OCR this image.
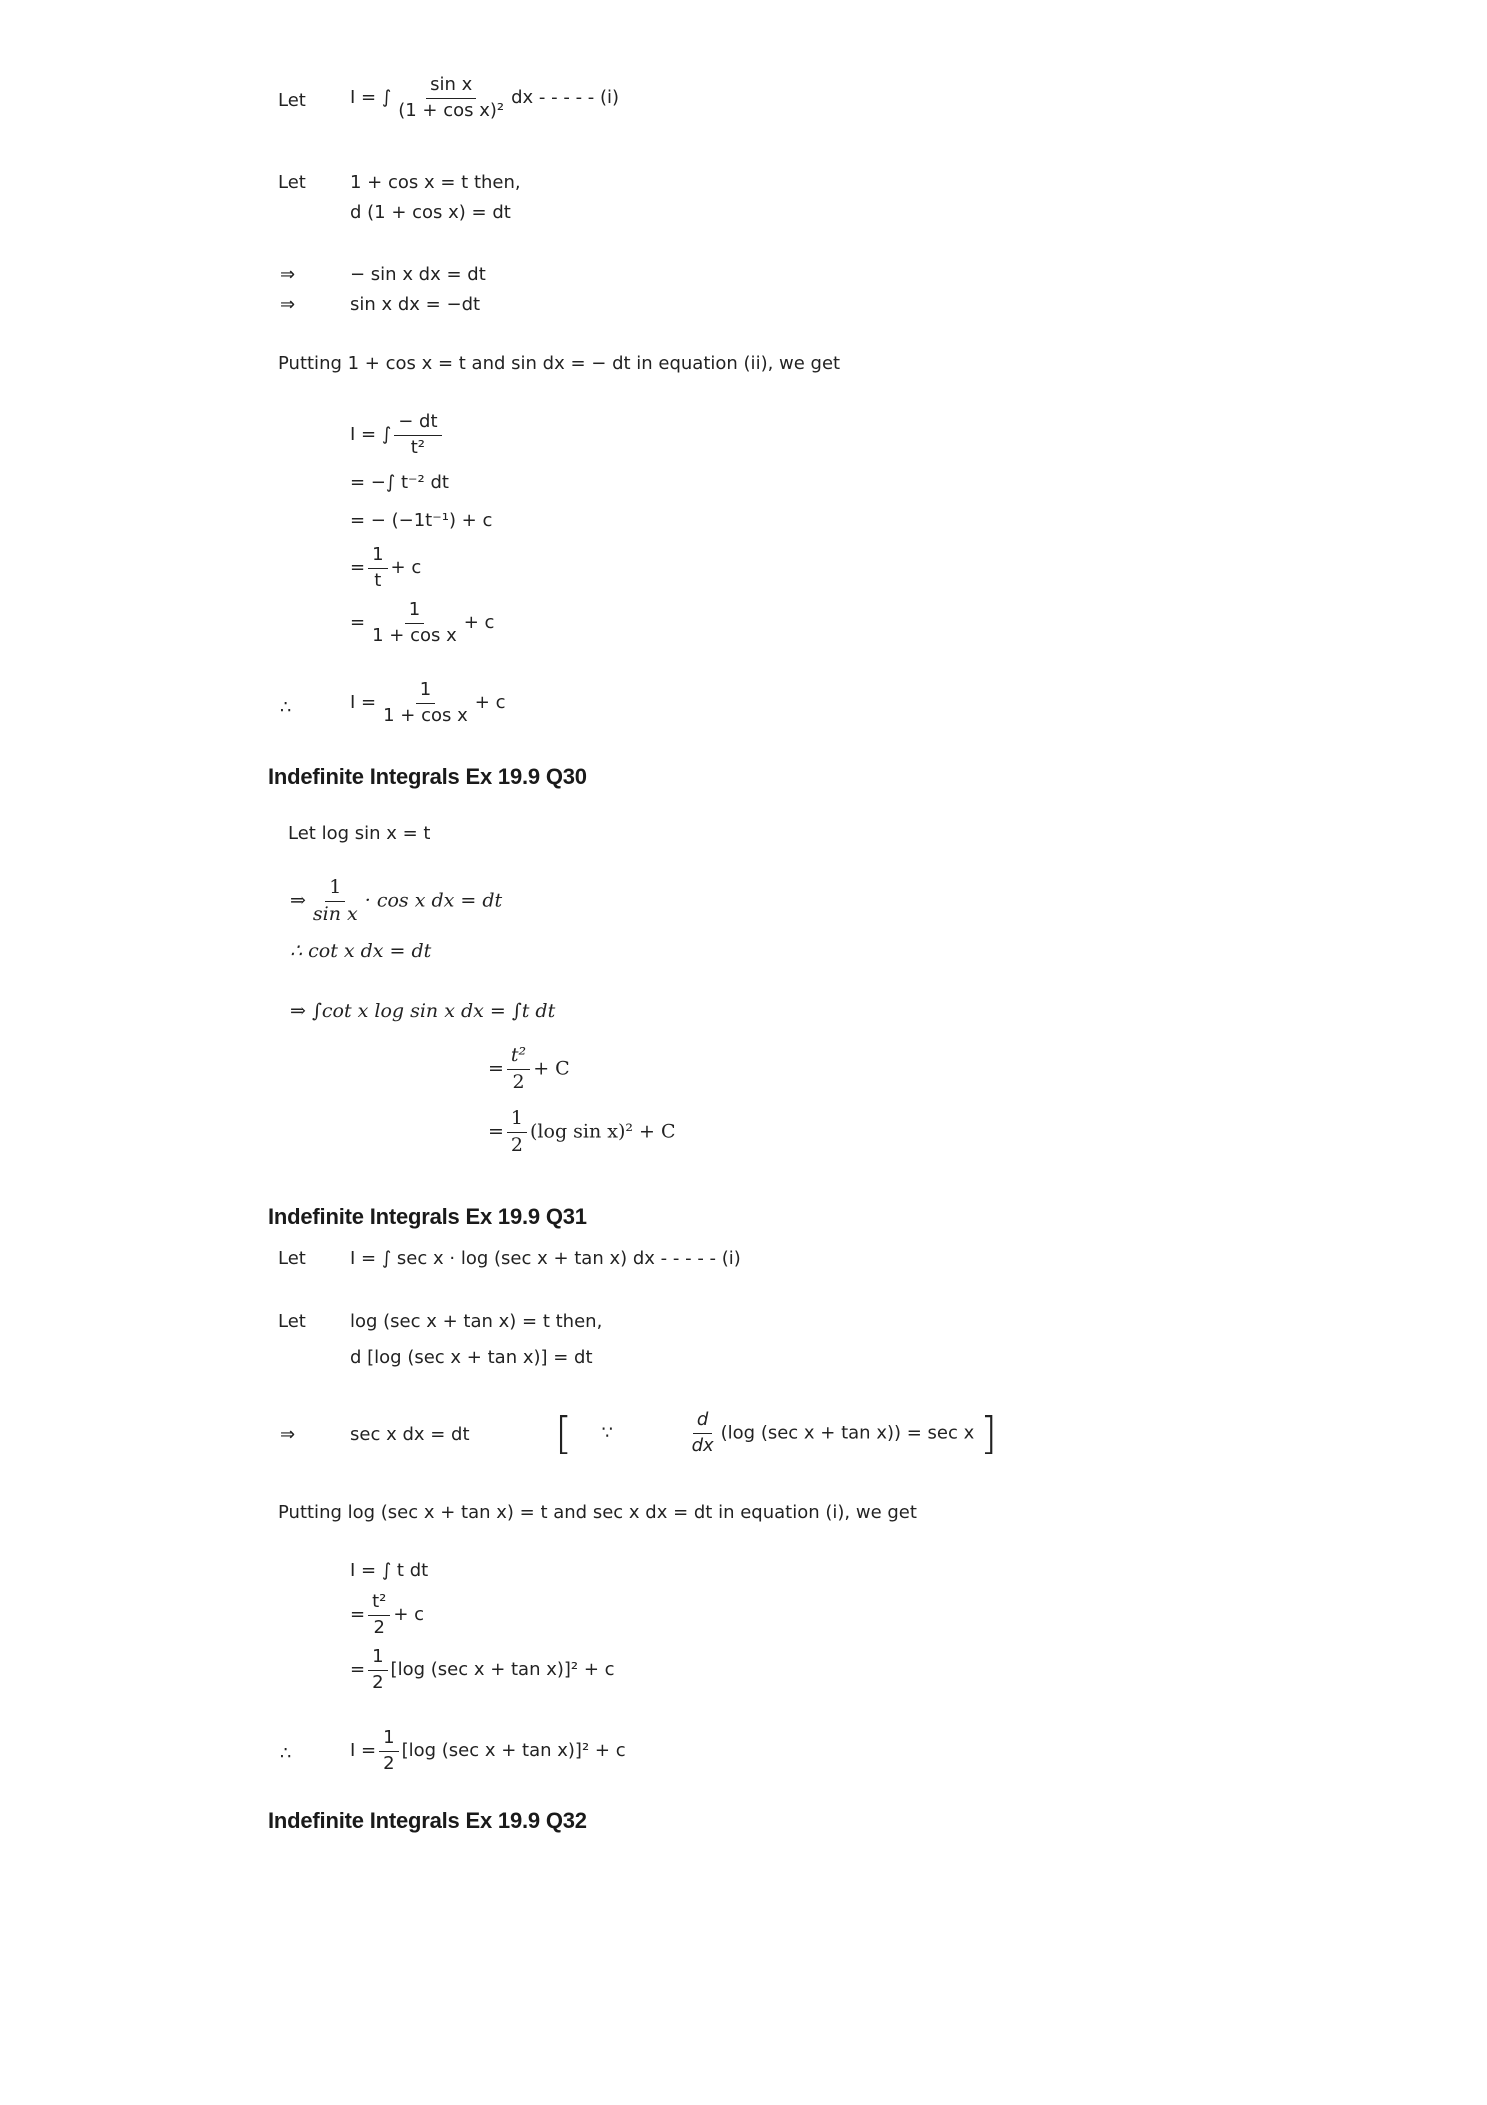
Let I = ∫ $\frac{\text{sin x}}{\text{(1 + cos x)²}}$ dx - - - - - (i)
Let 1 + cos x = t then,
d (1 + cos x) = dt
⇒	− sin x dx = dt
⇒	sin x dx = −dt
Putting 1 + cos x = t and sin dx = − dt in equation (ii), we get
I = ∫ $\frac{- dt}{\text{t²}}$
= −∫ t⁻² dt
= − (−1t⁻¹) + c
= $\frac{1}{t} + c$
= $\frac{1}{\text{1 + cos x}} + c$
∴	$I = \frac{1}{\text{1 + cos x}} + c$
Indefinite Integrals Ex 19.9 Q30
Let log sin x = t
⇒ $\frac{1}{\text{sin x}} \cdot \cos x$ dx = dt
∴ cot x dx = dt
⇒ ∫cot x log sin x dx = ∫t dt
= $\frac{\text{t²}}{2} + C$
= $\frac{1}{2} (\log$ sin x)² + C
Indefinite Integrals Ex 19.9 Q31
Let I = ∫ sec x · log (sec x + tan x) dx - - - - - (i)
Let log (sec x + tan x) = t then,
d [log (sec x + tan x)] = dt
⇒	sec x dx = dt [ ∵	$\frac{d}{dx} (\log$ (sec x + tan x)) = sec x ]
Putting log (sec x + tan x) = t and sec x dx = dt in equation (i), we get
I = ∫ t dt
= $\frac{\text{t²}}{2} + c$
= $\frac{1}{2} [\log$ (sec x + tan x)]² + c
∴	$I = \frac{1}{2} [\log$ (sec x + tan x)]² + c
Indefinite Integrals Ex 19.9 Q32
